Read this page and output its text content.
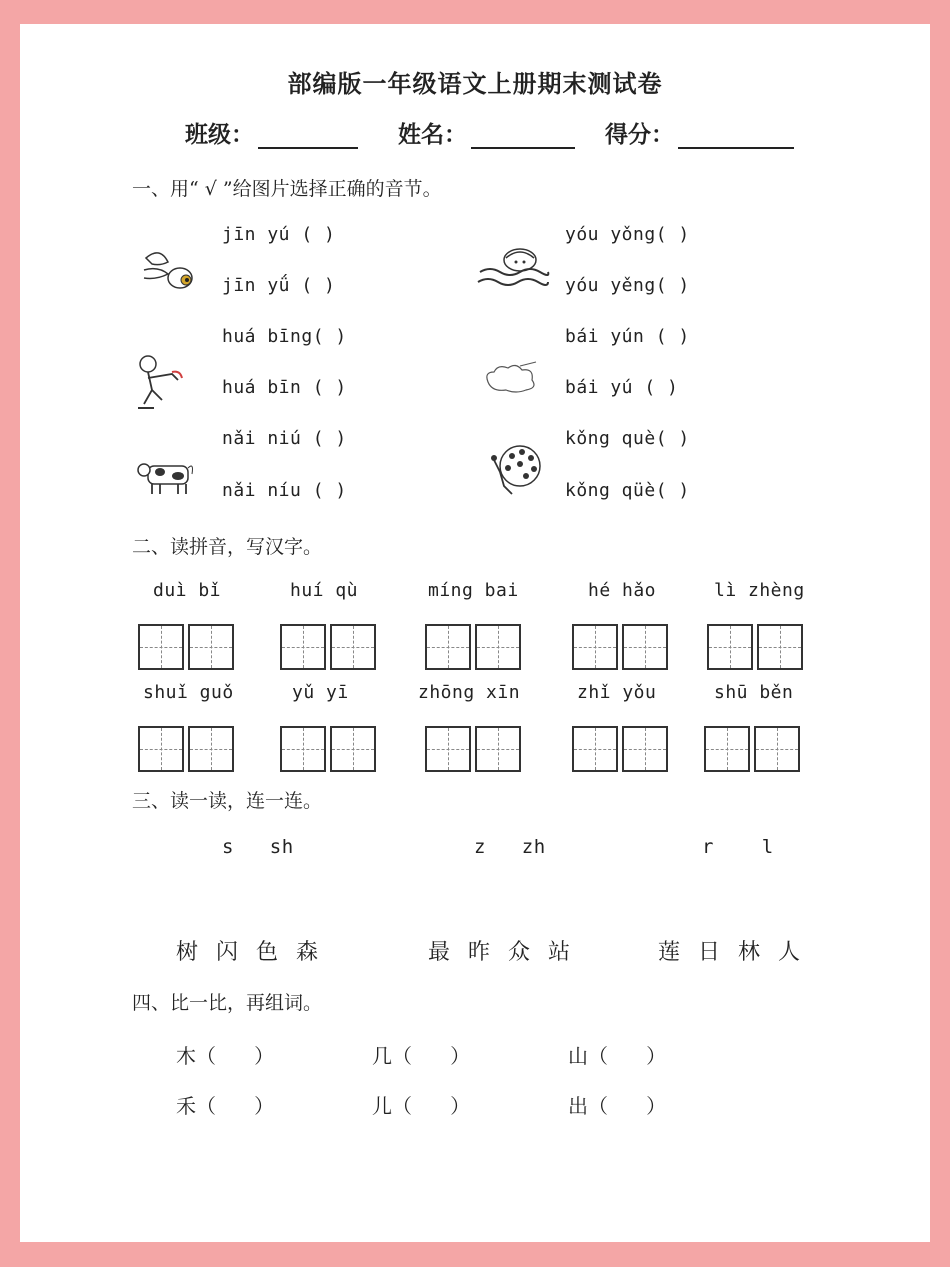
部编版一年级语文上册期末测试卷
班级：	姓名：	得分：
一、用“ √ ”给图片选择正确的音节。
jīn yú ( )
jīn yǘ ( )
huá bīng( )
huá bīn ( )
nǎi niú ( )
nǎi níu ( )
yóu yǒng( )
yóu yěng( )
bái yún ( )
bái yú ( )
kǒng què( )
kǒng qüè( )
二、读拼音，写汉字。
duì bǐ	huí qù	míng bai	hé hǎo	lì zhèng
shuǐ guǒ	yǔ yī	zhōng xīn	zhǐ yǒu	shū běn
三、读一读，连一连。
s   sh	z   zh	r    l
树闪色森	最昨众站	莲日林人
四、比一比，再组词。
木（      ）	几（      ）	山（      ）
禾（      ）	儿（      ）	出（      ）
